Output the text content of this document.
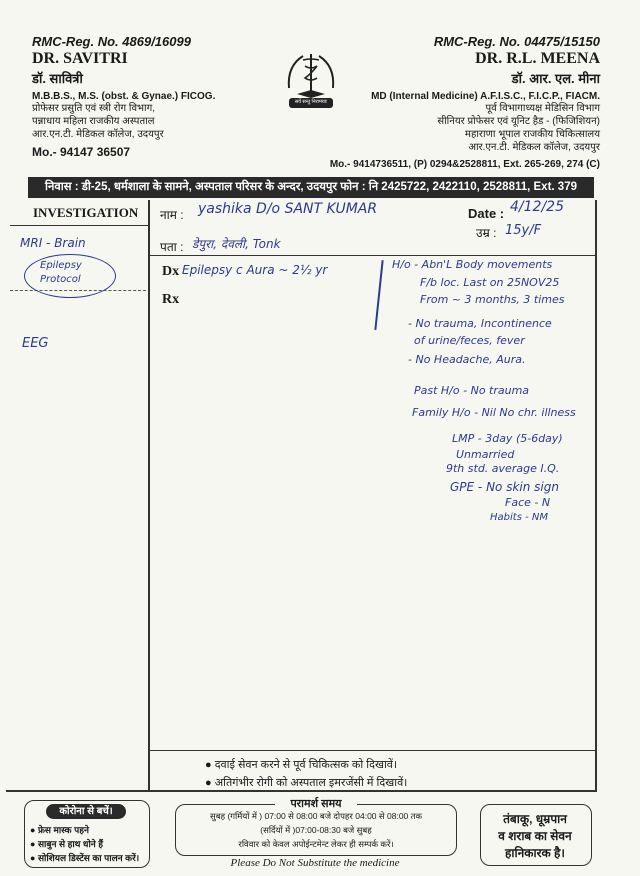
RMC-Reg. No. 4869/16099
DR. SAVITRI
डॉ. सावित्री
M.B.B.S., M.S. (obst. & Gynae.) FICOG.
प्रोफेसर प्रसुति एवं स्त्री रोग विभाग,
पन्नाधाय महिला राजकीय अस्पताल
आर.एन.टी. मेडिकल कॉलेज, उदयपुर
Mo.- 94147 36507
सर्वे सन्तु निरामयाः
RMC-Reg. No. 04475/15150
DR. R.L. MEENA
डॉ. आर. एल. मीना
MD (Internal Medicine) A.F.I.S.C., F.I.C.P., FIACM.
पूर्व विभागाध्यक्ष मेडिसिन विभाग
सीनियर प्रोफेसर एवं यूनिट हैड - (फिजिशियन)
महाराणा भूपाल राजकीय चिकित्सालय
आर.एन.टी. मेडिकल कॉलेज, उदयपुर
Mo.- 9414736511, (P) 0294&2528811, Ext. 265-269, 274 (C)
निवास : डी-25, धर्मशाला के सामने, अस्पताल परिसर के अन्दर, उदयपुर फोन : नि 2425722, 2422110, 2528811, Ext. 379
INVESTIGATION नाम :	Date :
उम्र :
पता :
Dx
Rx
yashika D/o SANT KUMAR	4/12/25
15y/F
डेपुरा, देवली, Tonk
Epilepsy c Aura ~ 2½ yr
MRI - Brain
Epilepsy
Protocol
EEG
H/o - Abn'L Body movements
F/b loc. Last on 25NOV25
From ~ 3 months, 3 times
- No trauma, Incontinence
of urine/feces, fever
- No Headache, Aura.
Past H/o - No trauma
Family H/o - Nil No chr. illness
LMP - 3day (5-6day)
Unmarried
9th std. average I.Q.
GPE - No skin sign
Face - N
Habits - NM
● दवाई सेवन करने से पूर्व चिकित्सक को दिखावें।
● अतिगंभीर रोगी को अस्पताल इमरजेंसी में दिखावें।
कोरोना से बचें।
● फ्रेस मास्क पहने
● साबुन से हाथ धोने हैं
● सोशियल डिस्टेंस का पालन करें।
परामर्श समय
सुबह (गर्मियों में ) 07:00 से 08:00 बजे दोपहर 04:00 से 08:00 तक
(सर्दियों में )07:00-08:30 बजे सुबह
रविवार को केवल अपोईन्टमेन्ट लेकर ही सम्पर्क करें।
Please Do Not Substitute the medicine
तंबाकू, धूम्रपान
व शराब का सेवन
हानिकारक है।
